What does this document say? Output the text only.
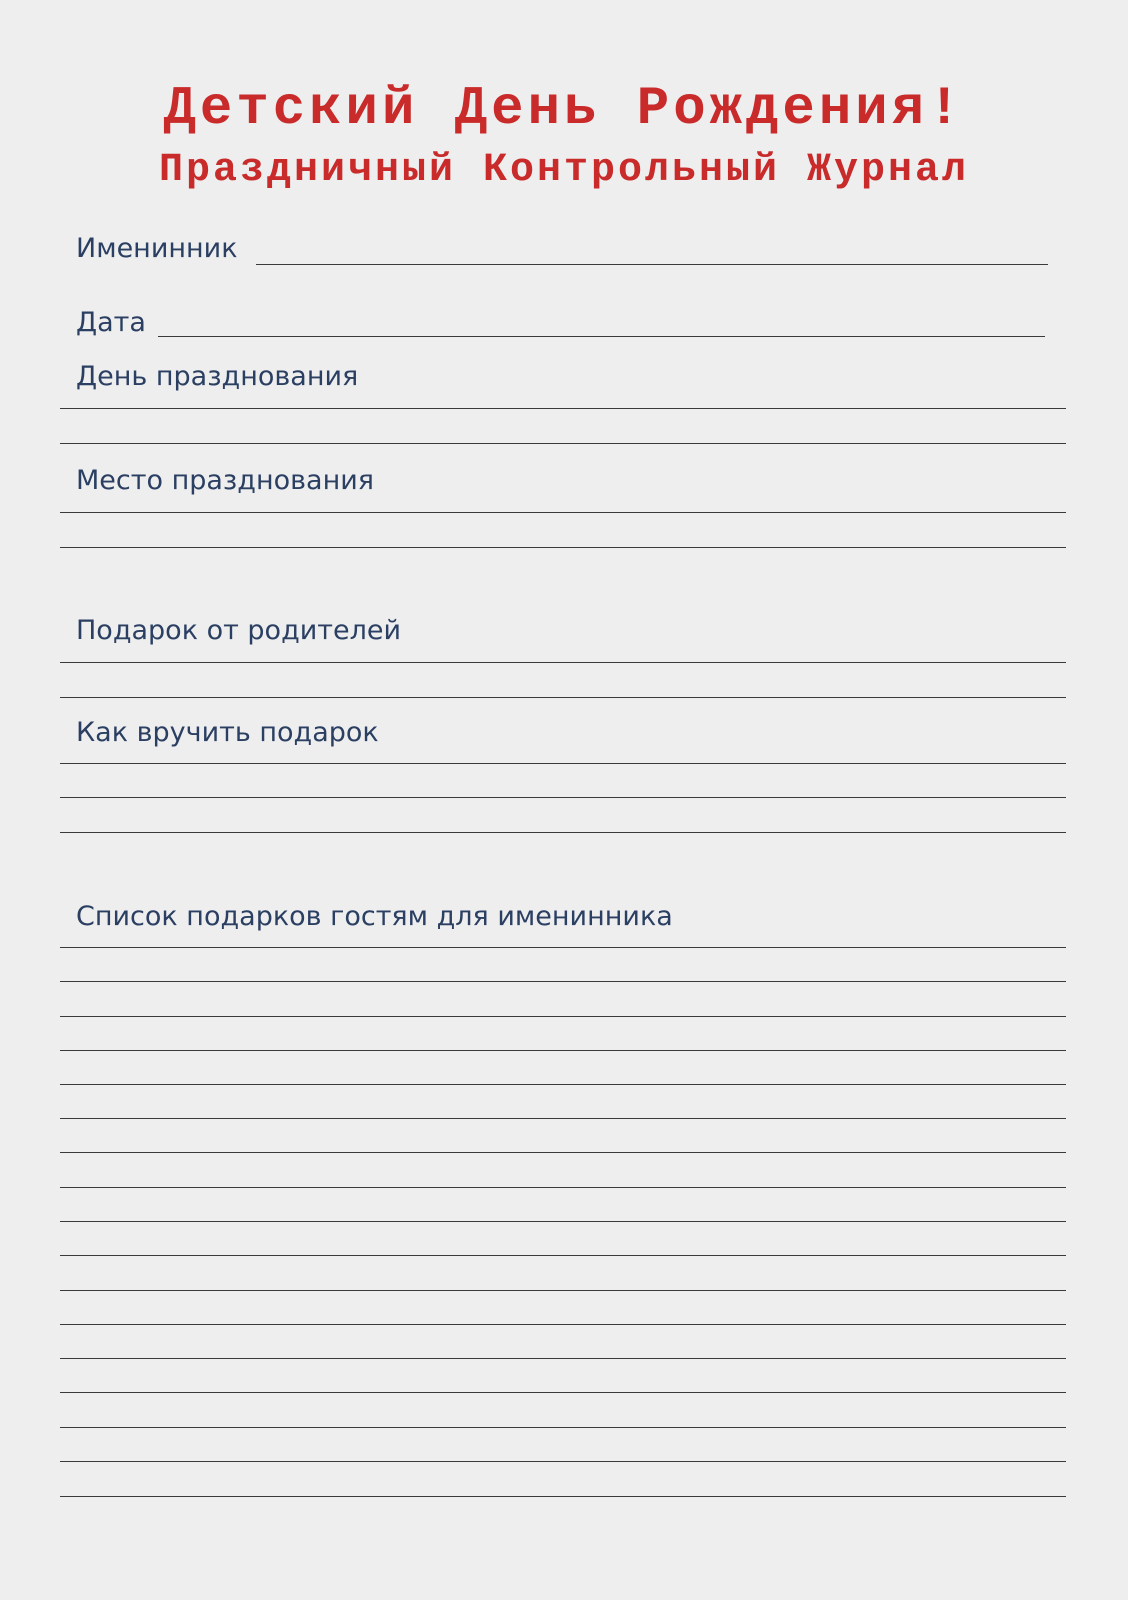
Детский День Рождения!
Праздничный Контрольный Журнал
Именинник
Дата
День празднования
Место празднования
Подарок от родителей
Как вручить подарок
Список подарков гостям для именинника
